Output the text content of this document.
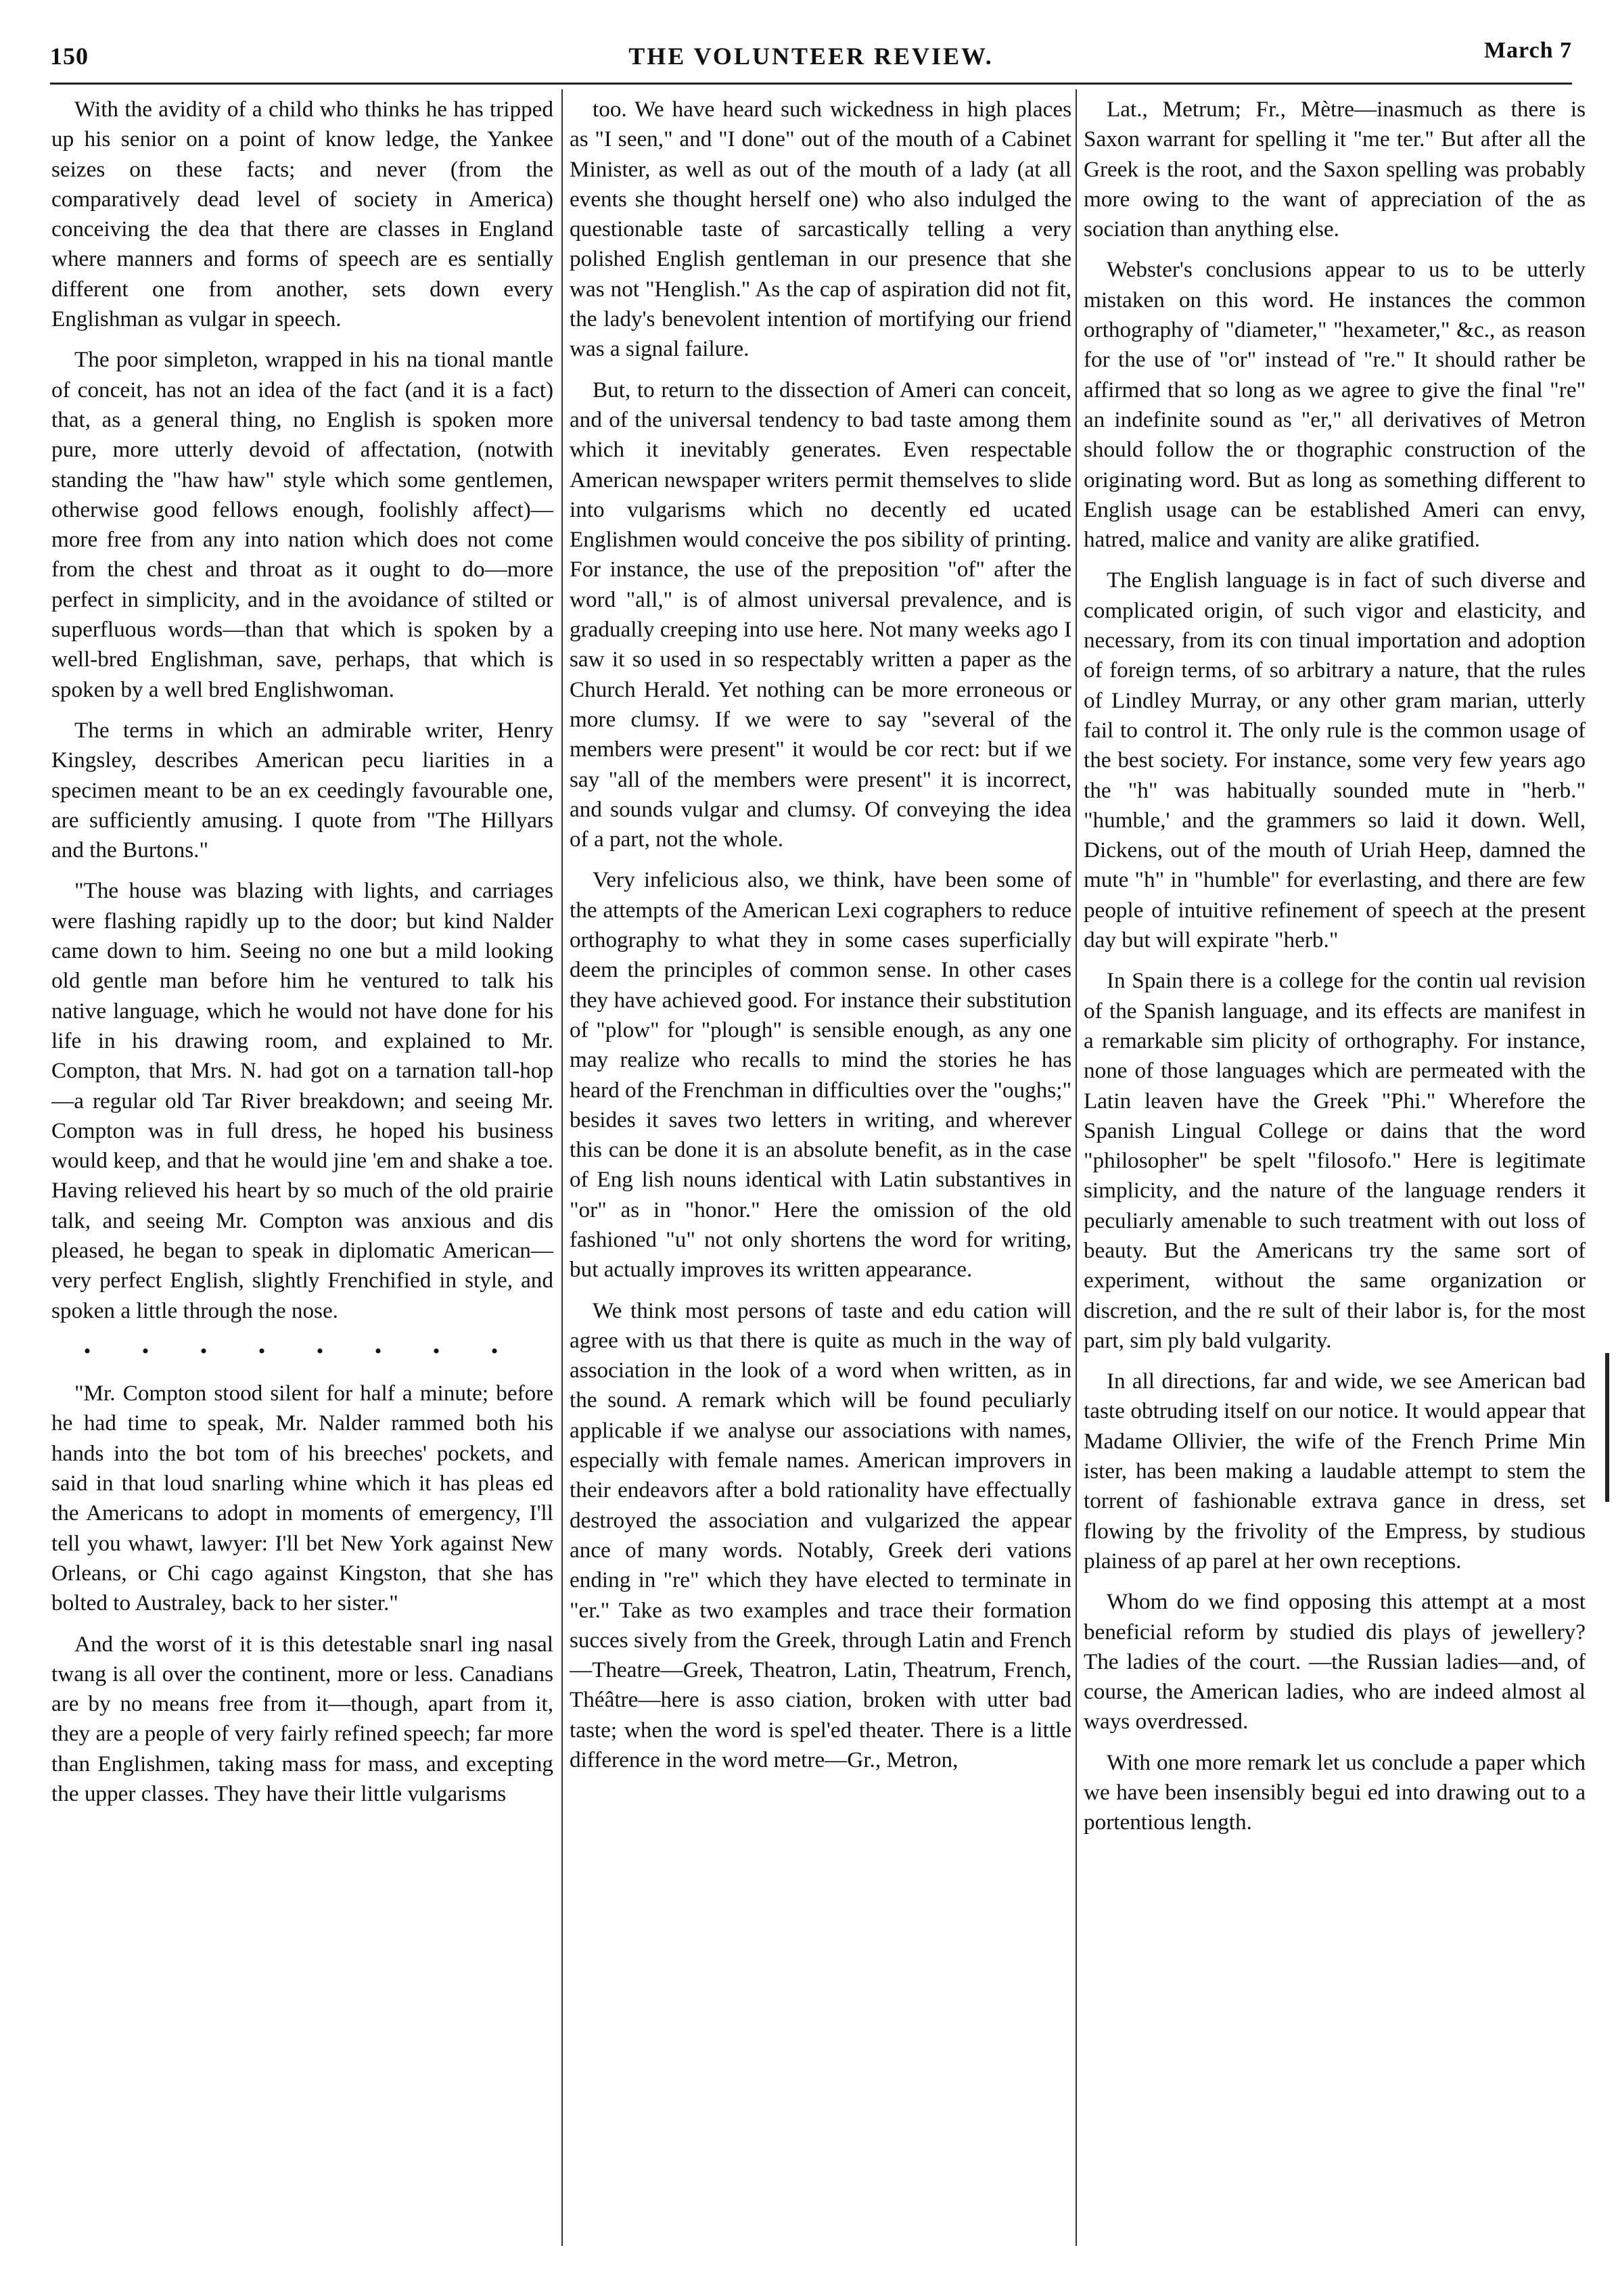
150	THE VOLUNTEER REVIEW.	March 7

With the avidity of a child who thinks he has tripped up his senior on a point of know ledge, the Yankee seizes on these facts; and never (from the comparatively dead level of society in America) conceiving the dea that there are classes in England where manners and forms of speech are es sentially different one from another, sets down every Englishman as vulgar in speech.

The poor simpleton, wrapped in his na tional mantle of conceit, has not an idea of the fact (and it is a fact) that, as a general thing, no English is spoken more pure, more utterly devoid of affectation, (notwith standing the "haw haw" style which some gentlemen, otherwise good fellows enough, foolishly affect)—more free from any into nation which does not come from the chest and throat as it ought to do—more perfect in simplicity, and in the avoidance of stilted or superfluous words—than that which is spoken by a well-bred Englishman, save, perhaps, that which is spoken by a well bred Englishwoman.

The terms in which an admirable writer, Henry Kingsley, describes American pecu liarities in a specimen meant to be an ex ceedingly favourable one, are sufficiently amusing. I quote from "The Hillyars and the Burtons."

"The house was blazing with lights, and carriages were flashing rapidly up to the door; but kind Nalder came down to him. Seeing no one but a mild looking old gentle man before him he ventured to talk his native language, which he would not have done for his life in his drawing room, and explained to Mr. Compton, that Mrs. N. had got on a tarnation tall-hop—a regular old Tar River breakdown; and seeing Mr. Compton was in full dress, he hoped his business would keep, and that he would jine 'em and shake a toe. Having relieved his heart by so much of the old prairie talk, and seeing Mr. Compton was anxious and dis pleased, he began to speak in diplomatic American—very perfect English, slightly Frenchified in style, and spoken a little through the nose.

• • • • • • • •

"Mr. Compton stood silent for half a minute; before he had time to speak, Mr. Nalder rammed both his hands into the bot tom of his breeches' pockets, and said in that loud snarling whine which it has pleas ed the Americans to adopt in moments of emergency, I'll tell you whawt, lawyer: I'll bet New York against New Orleans, or Chi cago against Kingston, that she has bolted to Australey, back to her sister."

And the worst of it is this detestable snarl ing nasal twang is all over the continent, more or less. Canadians are by no means free from it—though, apart from it, they are a people of very fairly refined speech; far more than Englishmen, taking mass for mass, and excepting the upper classes. They have their little vulgarisms

too. We have heard such wickedness in high places as "I seen," and "I done" out of the mouth of a Cabinet Minister, as well as out of the mouth of a lady (at all events she thought herself one) who also indulged the questionable taste of sarcastically telling a very polished English gentleman in our presence that she was not "Henglish." As the cap of aspiration did not fit, the lady's benevolent intention of mortifying our friend was a signal failure.

But, to return to the dissection of Ameri can conceit, and of the universal tendency to bad taste among them which it inevitably generates. Even respectable American newspaper writers permit themselves to slide into vulgarisms which no decently ed ucated Englishmen would conceive the pos sibility of printing. For instance, the use of the preposition "of" after the word "all," is of almost universal prevalence, and is gradually creeping into use here. Not many weeks ago I saw it so used in so respectably written a paper as the Church Herald. Yet nothing can be more erroneous or more clumsy. If we were to say "several of the members were present" it would be cor rect: but if we say "all of the members were present" it is incorrect, and sounds vulgar and clumsy. Of conveying the idea of a part, not the whole.

Very infelicious also, we think, have been some of the attempts of the American Lexi cographers to reduce orthography to what they in some cases superficially deem the principles of common sense. In other cases they have achieved good. For instance their substitution of "plow" for "plough" is sensible enough, as any one may realize who recalls to mind the stories he has heard of the Frenchman in difficulties over the "oughs;" besides it saves two letters in writing, and wherever this can be done it is an absolute benefit, as in the case of Eng lish nouns identical with Latin substantives in "or" as in "honor." Here the omission of the old fashioned "u" not only shortens the word for writing, but actually improves its written appearance.

We think most persons of taste and edu cation will agree with us that there is quite as much in the way of association in the look of a word when written, as in the sound. A remark which will be found peculiarly applicable if we analyse our associations with names, especially with female names. American improvers in their endeavors after a bold rationality have effectually destroyed the association and vulgarized the appear ance of many words. Notably, Greek deri vations ending in "re" which they have elected to terminate in "er." Take as two examples and trace their formation succes sively from the Greek, through Latin and French—Theatre—Greek, Theatron, Latin, Theatrum, French, Théâtre—here is asso ciation, broken with utter bad taste; when the word is spel'ed theater. There is a little difference in the word metre—Gr., Metron,

Lat., Metrum; Fr., Mètre—inasmuch as there is Saxon warrant for spelling it "me ter." But after all the Greek is the root, and the Saxon spelling was probably more owing to the want of appreciation of the as sociation than anything else.

Webster's conclusions appear to us to be utterly mistaken on this word. He instances the common orthography of "diameter," "hexameter," &c., as reason for the use of "or" instead of "re." It should rather be affirmed that so long as we agree to give the final "re" an indefinite sound as "er," all derivatives of Metron should follow the or thographic construction of the originating word. But as long as something different to English usage can be established Ameri can envy, hatred, malice and vanity are alike gratified.

The English language is in fact of such diverse and complicated origin, of such vigor and elasticity, and necessary, from its con tinual importation and adoption of foreign terms, of so arbitrary a nature, that the rules of Lindley Murray, or any other gram marian, utterly fail to control it. The only rule is the common usage of the best society. For instance, some very few years ago the "h" was habitually sounded mute in "herb." "humble,' and the grammers so laid it down. Well, Dickens, out of the mouth of Uriah Heep, damned the mute "h" in "humble" for everlasting, and there are few people of intuitive refinement of speech at the present day but will expirate "herb."

In Spain there is a college for the contin ual revision of the Spanish language, and its effects are manifest in a remarkable sim plicity of orthography. For instance, none of those languages which are permeated with the Latin leaven have the Greek "Phi." Wherefore the Spanish Lingual College or dains that the word "philosopher" be spelt "filosofo." Here is legitimate simplicity, and the nature of the language renders it peculiarly amenable to such treatment with out loss of beauty. But the Americans try the same sort of experiment, without the same organization or discretion, and the re sult of their labor is, for the most part, sim ply bald vulgarity.

In all directions, far and wide, we see American bad taste obtruding itself on our notice. It would appear that Madame Ollivier, the wife of the French Prime Min ister, has been making a laudable attempt to stem the torrent of fashionable extrava gance in dress, set flowing by the frivolity of the Empress, by studious plainess of ap parel at her own receptions.

Whom do we find opposing this attempt at a most beneficial reform by studied dis plays of jewellery? The ladies of the court. —the Russian ladies—and, of course, the American ladies, who are indeed almost al ways overdressed.

With one more remark let us conclude a paper which we have been insensibly begui ed into drawing out to a portentious length.
